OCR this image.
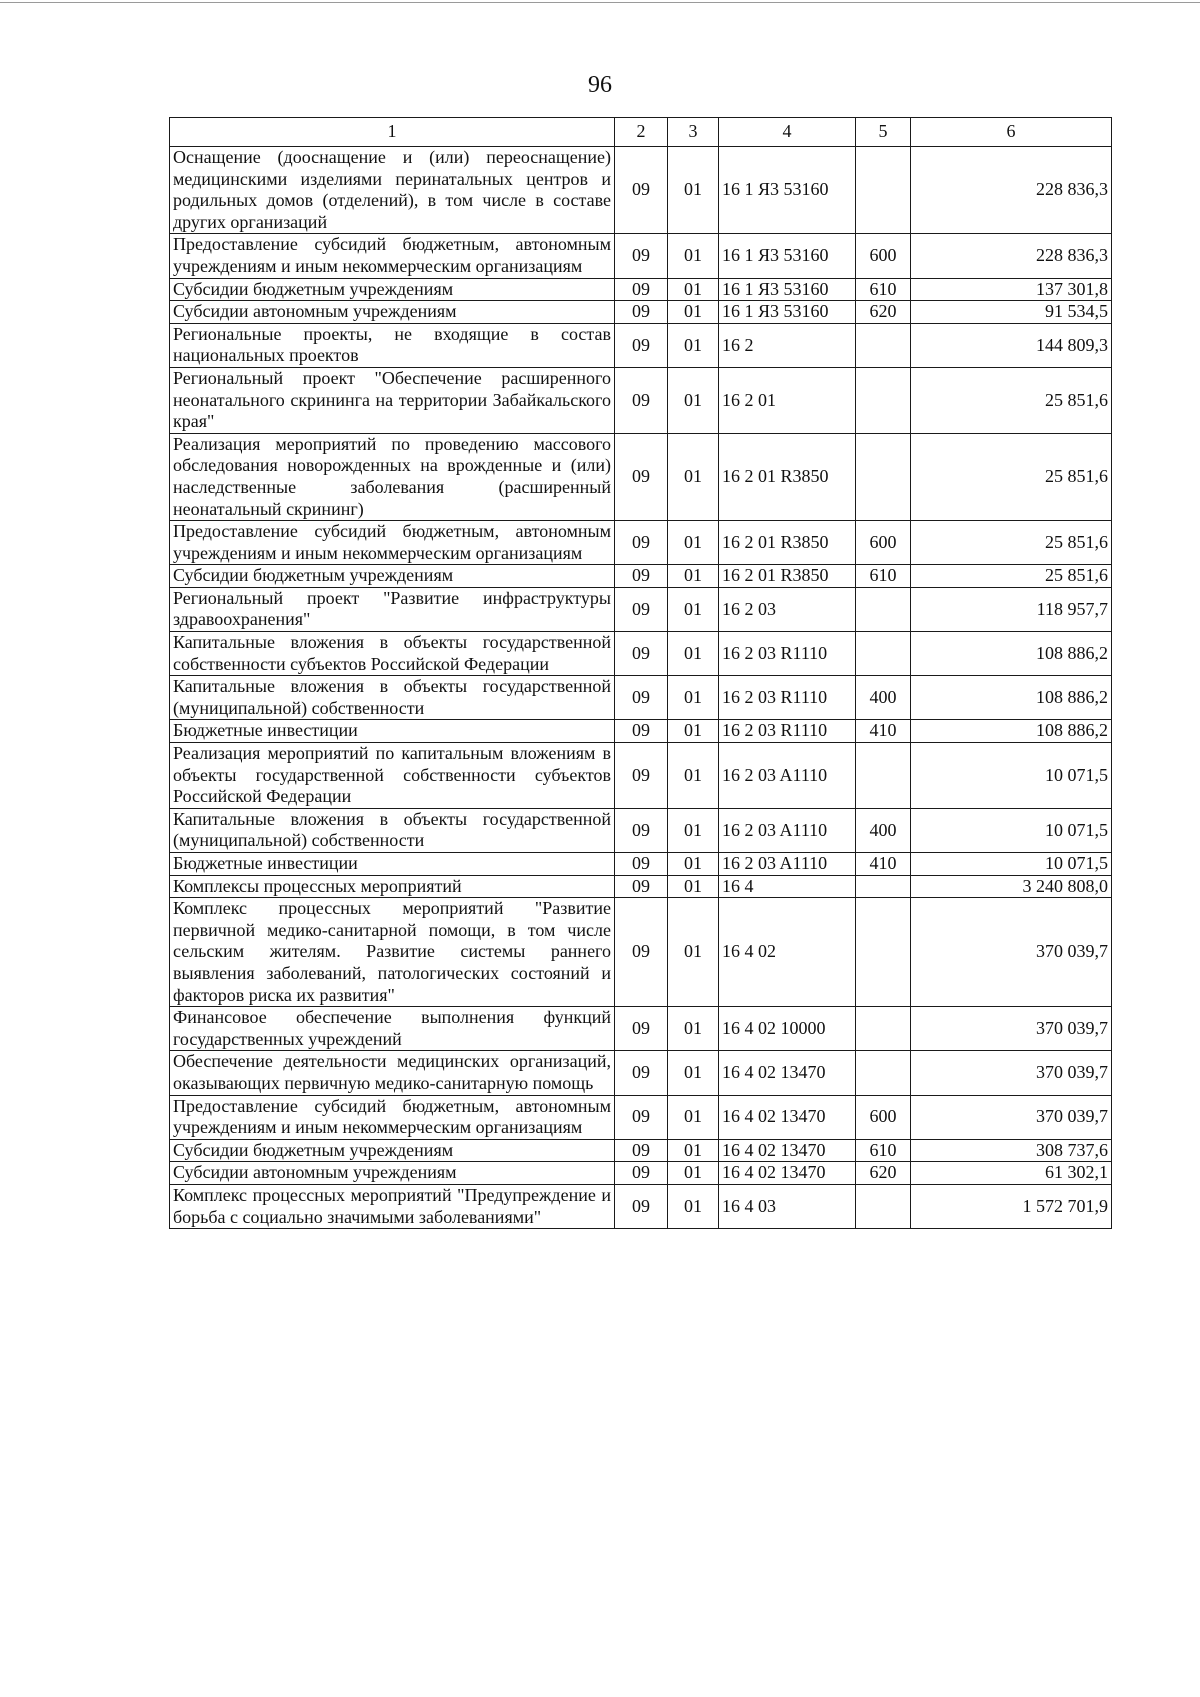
96
1	2	3	4	5	6
Оснащение (дооснащение и (или) переоснащение) медицинскими изделиями перинатальных центров и родильных домов (отделений), в том числе в составе других организаций	09	01	16 1 Я3 53160		228 836,3
Предоставление субсидий бюджетным, автономным учреждениям и иным некоммерческим организациям	09	01	16 1 Я3 53160	600	228 836,3
Субсидии бюджетным учреждениям	09	01	16 1 Я3 53160	610	137 301,8
Субсидии автономным учреждениям	09	01	16 1 Я3 53160	620	91 534,5
Региональные проекты, не входящие в состав национальных проектов	09	01	16 2		144 809,3
Региональный проект "Обеспечение расширенного неонатального скрининга на территории Забайкальского края"	09	01	16 2 01		25 851,6
Реализация мероприятий по проведению массового обследования новорожденных на врожденные и (или) наследственные заболевания (расширенный неонатальный скрининг)	09	01	16 2 01 R3850		25 851,6
Предоставление субсидий бюджетным, автономным учреждениям и иным некоммерческим организациям	09	01	16 2 01 R3850	600	25 851,6
Субсидии бюджетным учреждениям	09	01	16 2 01 R3850	610	25 851,6
Региональный проект "Развитие инфраструктуры здравоохранения"	09	01	16 2 03		118 957,7
Капитальные вложения в объекты государственной собственности субъектов Российской Федерации	09	01	16 2 03 R1110		108 886,2
Капитальные вложения в объекты государственной (муниципальной) собственности	09	01	16 2 03 R1110	400	108 886,2
Бюджетные инвестиции	09	01	16 2 03 R1110	410	108 886,2
Реализация мероприятий по капитальным вложениям в объекты государственной собственности субъектов Российской Федерации	09	01	16 2 03 A1110		10 071,5
Капитальные вложения в объекты государственной (муниципальной) собственности	09	01	16 2 03 A1110	400	10 071,5
Бюджетные инвестиции	09	01	16 2 03 A1110	410	10 071,5
Комплексы процессных мероприятий	09	01	16 4		3 240 808,0
Комплекс процессных мероприятий "Развитие первичной медико-санитарной помощи, в том числе сельским жителям. Развитие системы раннего выявления заболеваний, патологических состояний и факторов риска их развития"	09	01	16 4 02		370 039,7
Финансовое обеспечение выполнения функций государственных учреждений	09	01	16 4 02 10000		370 039,7
Обеспечение деятельности медицинских организаций, оказывающих первичную медико-санитарную помощь	09	01	16 4 02 13470		370 039,7
Предоставление субсидий бюджетным, автономным учреждениям и иным некоммерческим организациям	09	01	16 4 02 13470	600	370 039,7
Субсидии бюджетным учреждениям	09	01	16 4 02 13470	610	308 737,6
Субсидии автономным учреждениям	09	01	16 4 02 13470	620	61 302,1
Комплекс процессных мероприятий "Предупреждение и борьба с социально значимыми заболеваниями"	09	01	16 4 03		1 572 701,9
